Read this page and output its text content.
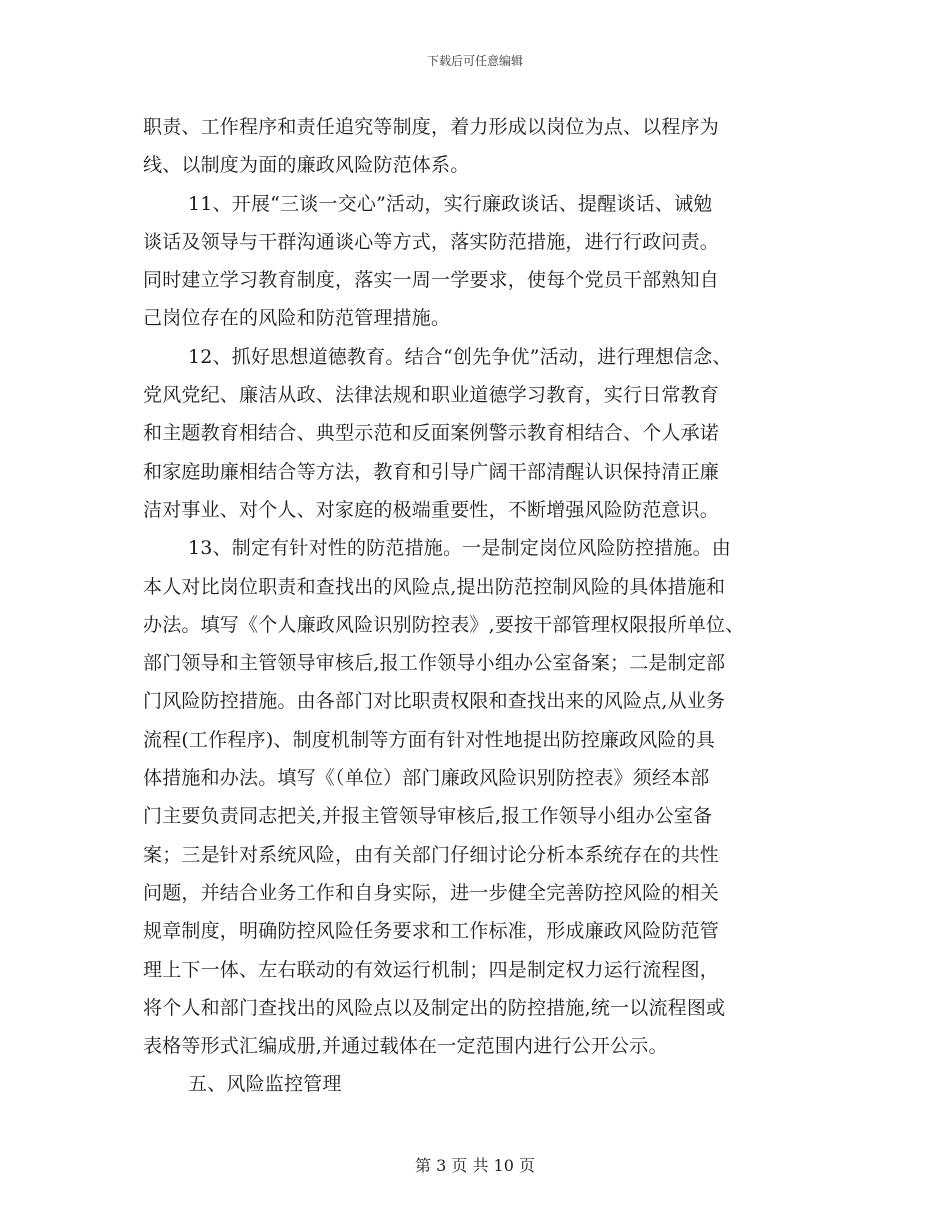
下载后可任意编辑
职责、工作程序和责任追究等制度，着力形成以岗位为点、以程序为
线、以制度为面的廉政风险防范体系。
11、开展“三谈一交心”活动，实行廉政谈话、提醒谈话、诫勉
谈话及领导与干群沟通谈心等方式，落实防范措施，进行行政问责。
同时建立学习教育制度，落实一周一学要求，使每个党员干部熟知自
己岗位存在的风险和防范管理措施。
12、抓好思想道德教育。结合“创先争优”活动，进行理想信念、
党风党纪、廉洁从政、法律法规和职业道德学习教育，实行日常教育
和主题教育相结合、典型示范和反面案例警示教育相结合、个人承诺
和家庭助廉相结合等方法，教育和引导广阔干部清醒认识保持清正廉
洁对事业、对个人、对家庭的极端重要性，不断增强风险防范意识。
13、制定有针对性的防范措施。一是制定岗位风险防控措施。由
本人对比岗位职责和查找出的风险点,提出防范控制风险的具体措施和
办法。填写《个人廉政风险识别防控表》,要按干部管理权限报所单位、
部门领导和主管领导审核后,报工作领导小组办公室备案；二是制定部
门风险防控措施。由各部门对比职责权限和查找出来的风险点,从业务
流程(工作程序)、制度机制等方面有针对性地提出防控廉政风险的具
体措施和办法。填写《（单位）部门廉政风险识别防控表》须经本部
门主要负责同志把关,并报主管领导审核后,报工作领导小组办公室备
案；三是针对系统风险，由有关部门仔细讨论分析本系统存在的共性
问题，并结合业务工作和自身实际，进一步健全完善防控风险的相关
规章制度，明确防控风险任务要求和工作标准，形成廉政风险防范管
理上下一体、左右联动的有效运行机制；四是制定权力运行流程图，
将个人和部门查找出的风险点以及制定出的防控措施,统一以流程图或
表格等形式汇编成册,并通过载体在一定范围内进行公开公示。
五、风险监控管理
第 3 页 共 10 页
